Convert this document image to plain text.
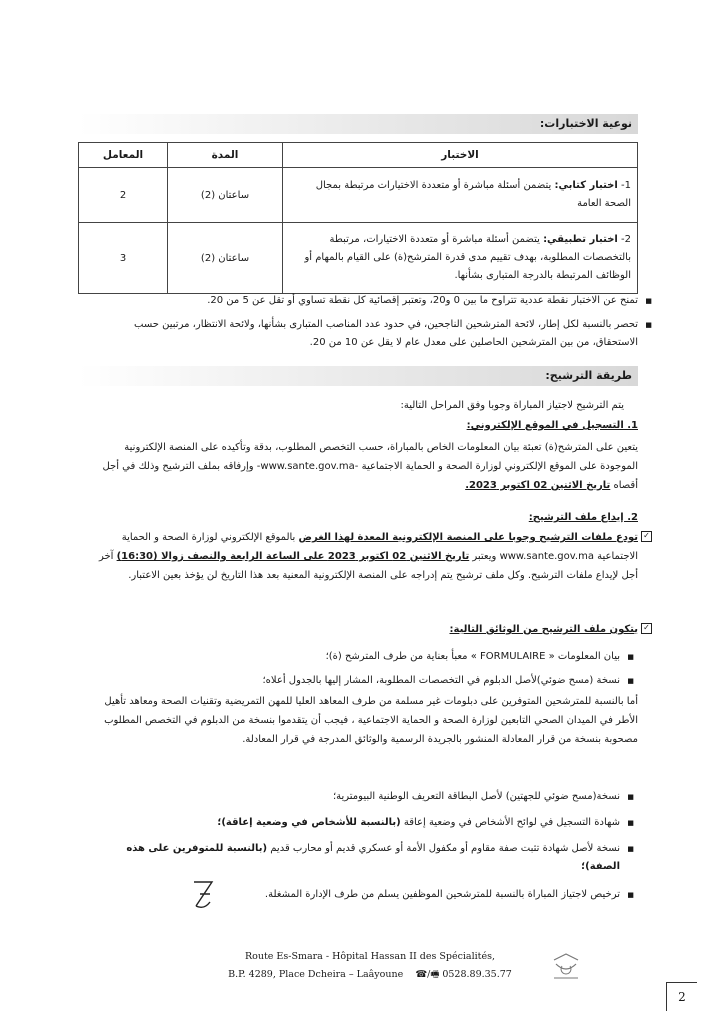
نوعية الاختبارات:
الاختبار	المدة	المعامل
1- اختبار كتابي: يتضمن أسئلة مباشرة أو متعددة الاختيارات مرتبطة بمجال الصحة العامة	ساعتان (2)	2
2- اختبار تطبيقي: يتضمن أسئلة مباشرة أو متعددة الاختيارات، مرتبطة بالتخصصات المطلوبة، بهدف تقييم مدى قدرة المترشح(ة) على القيام بالمهام أو الوظائف المرتبطة بالدرجة المتبارى بشأنها.	ساعتان (2)	3
■ تمنح عن الاختبار نقطة عددية تتراوح ما بين 0 و20، وتعتبر إقصائية كل نقطة تساوي أو تقل عن 5 من 20.
■ تحصر بالنسبة لكل إطار، لائحة المترشحين الناجحين، في حدود عدد المناصب المتبارى بشأنها، ولائحة الانتظار، مرتبين حسب الاستحقاق، من بين المترشحين الحاصلين على معدل عام لا يقل عن 10 من 20.
طريقة الترشيح:
يتم الترشيح لاجتياز المباراة وجوبا وفق المراحل التالية:
1. التسجيل في الموقع الإلكتروني:
يتعين على المترشح(ة) تعبئة بيان المعلومات الخاص بالمباراة، حسب التخصص المطلوب، بدقة وتأكيده على المنصة الإلكترونية الموجودة على الموقع الإلكتروني لوزارة الصحة و الحماية الاجتماعية -www.sante.gov.ma- وإرفاقه بملف الترشيح وذلك في أجل أقصاه تاريخ الاثنين 02 اكتوبر 2023.
2. إيداع ملف الترشيح:
✓
تودع ملفات الترشيح وجوبا على المنصة الإلكترونية المعدة لهذا الغرض بالموقع الإلكتروني لوزارة الصحة و الحماية الاجتماعية www.sante.gov.ma ويعتبر تاريخ الاثنين 02 اكتوبر 2023 على الساعة الرابعة والنصف زوالا (16:30) آخر أجل لإيداع ملفات الترشيح. وكل ملف ترشيح يتم إدراجه على المنصة الإلكترونية المعنية بعد هذا التاريخ لن يؤخذ بعين الاعتبار.
✓
يتكون ملف الترشيح من الوثائق التالية:
■ بيان المعلومات « FORMULAIRE » معبأ بعناية من طرف المترشح (ة)؛
■ نسخة (مسح ضوئي)لأصل الدبلوم في التخصصات المطلوبة، المشار إليها بالجدول أعلاه؛
أما بالنسبة للمترشحين المتوفرين على دبلومات غير مسلمة من طرف المعاهد العليا للمهن التمريضية وتقنيات الصحة ومعاهد تأهيل الأطر في الميدان الصحي التابعين لوزارة الصحة و الحماية الاجتماعية ، فيجب أن يتقدموا بنسخة من الدبلوم في التخصص المطلوب مصحوبة بنسخة من قرار المعادلة المنشور بالجريدة الرسمية والوثائق المدرجة في قرار المعادلة.
■ نسخة(مسح ضوئي للجهتين) لأصل البطاقة التعريف الوطنية البيومترية؛
■ شهادة التسجيل في لوائح الأشخاص في وضعية إعاقة (بالنسبة للأشخاص في وضعية إعاقة)؛
■ نسخة لأصل شهادة تثبت صفة مقاوم أو مكفول الأمة أو عسكري قديم أو محارب قديم (بالنسبة للمتوفرين على هذه الصفة)؛
■ ترخيص لاجتياز المباراة بالنسبة للمترشحين الموظفين يسلم من طرف الإدارة المشغلة.
Route Es-Smara - Hôpital Hassan II des Spécialités,
B.P. 4289, Place Dcheira – Laâyoune ☎/🖷 0528.89.35.77
2
